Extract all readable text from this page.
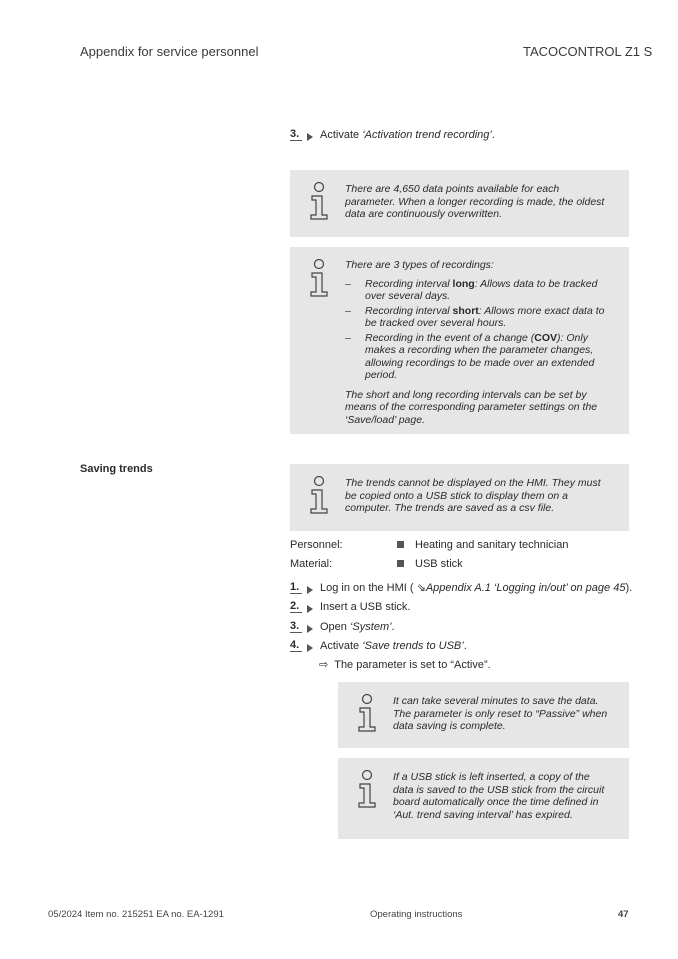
Appendix for service personnel	TACOCONTROL Z1 S
3. Activate
‘Activation trend recording’ .
There are 4,650 data points available for each parameter. When a longer recording is made, the oldest data are continuously overwritten.

There are 3 types of recordings:

–	Recording interval long: Allows data to be tracked over several days.
–	Recording interval short: Allows more exact data to be tracked over several hours.
–	Recording in the event of a change (COV): Only makes a recording when the parameter changes, allowing recordings to be made over an extended period.

The short and long recording intervals can be set by means of the corresponding parameter settings on the ‘Save/load’ page.

Saving trends
The trends cannot be displayed on the HMI. They must be copied onto a USB stick to display them on a computer. The trends are saved as a csv file.
Personnel:	Heating and sanitary technician
Material:	USB stick
1. Log in on the HMI (
⇘ Appendix A.1 ‘Logging in/out’ on page 45 ).
2. Insert a USB stick.
3. Open
‘System’ .
4. Activate
‘Save trends to USB’ .
⇨ The parameter is set to “Active”.
It can take several minutes to save the data. The parameter is only reset to “Passive” when data saving is complete.
If a USB stick is left inserted, a copy of the data is saved to the USB stick from the circuit board automatically once the time defined in ‘Aut. trend saving interval’ has expired.
05/2024 Item no. 215251 EA no. EA-1291	Operating instructions	47
